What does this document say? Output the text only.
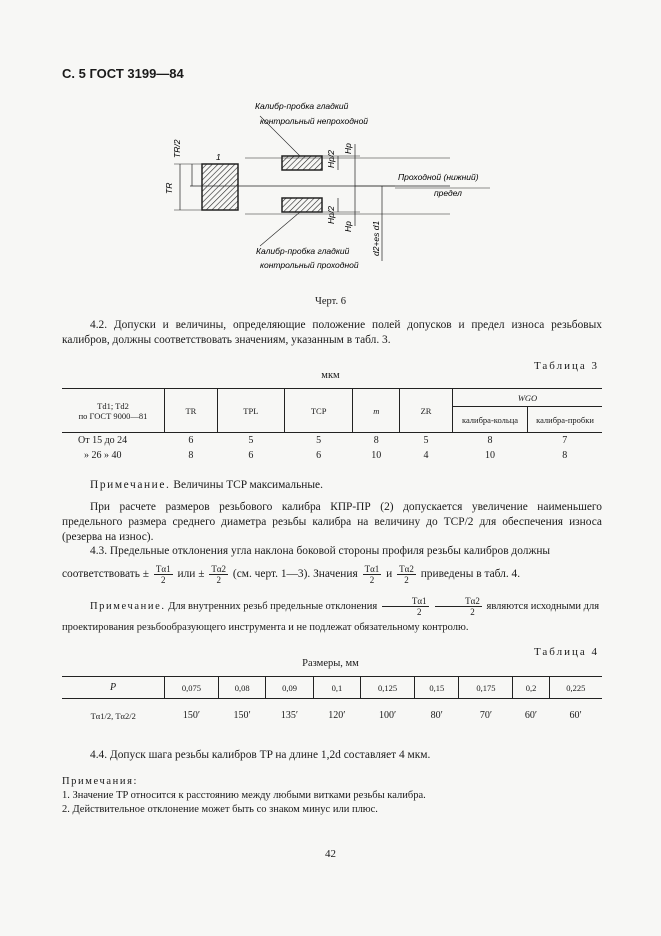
С. 5 ГОСТ 3199—84
Калибр-пробка гладкий
контрольный непроходной
Проходной (нижний)
предел
Калибр-пробка гладкий
контрольный проходной
1
TR/2
TR
Hp/2
Hp
Hp/2
Hp d2+es d1
Черт. 6
4.2. Допуски и величины, определяющие положение полей допусков и предел износа резьбовых калибров, должны соответствовать значениям, указанным в табл. 3.
Таблица 3
мкм
Td1; Td2
по ГОСТ 9000—81	TR	TPL	TCP	m	ZR	WGO	
						калибра-кольца	калибра-пробки
От 15 до 24	6	5	5	8	5	8	7
» 26 » 40	8	6	6	10	4	10	8
Примечание. Величины TCP максимальные.
При расчете размеров резьбового калибра КПР-ПР (2) допускается увеличение наименьшего предельного размера среднего диаметра резьбы калибра на величину до TCP/2 для обеспечения износа (резерва на износ).
4.3. Предельные отклонения угла наклона боковой стороны профиля резьбы калибров должны
соответствовать ± $\frac{T\alpha 1}{2}$ или ± $\frac{T\alpha 2}{2} (см$. черт. 1—3). Значения $\frac{T\alpha 1}{2}$ и $\frac{T\alpha 2}{2}$ приведены в табл. 4.
Примечание. Для внутренних резьб предельные отклонения $\frac{T\alpha 1}{2}$
$\frac{T\alpha 2}{2}$ являются исходными для
проектирования резьбообразующего инструмента и не подлежат обязательному контролю.
Таблица 4
Размеры, мм
P	0,075	0,08	0,09	0,1	0,125	0,15	0,175	0,2	0,225
Tα1/2, Tα2/2	150′	150′	135′	120′	100′	80′	70′	60′	60′
4.4. Допуск шага резьбы калибров TP на длине 1,2d составляет 4 мкм.
Примечания:
1. Значение TP относится к расстоянию между любыми витками резьбы калибра.
2. Действительное отклонение может быть со знаком минус или плюс.
42
